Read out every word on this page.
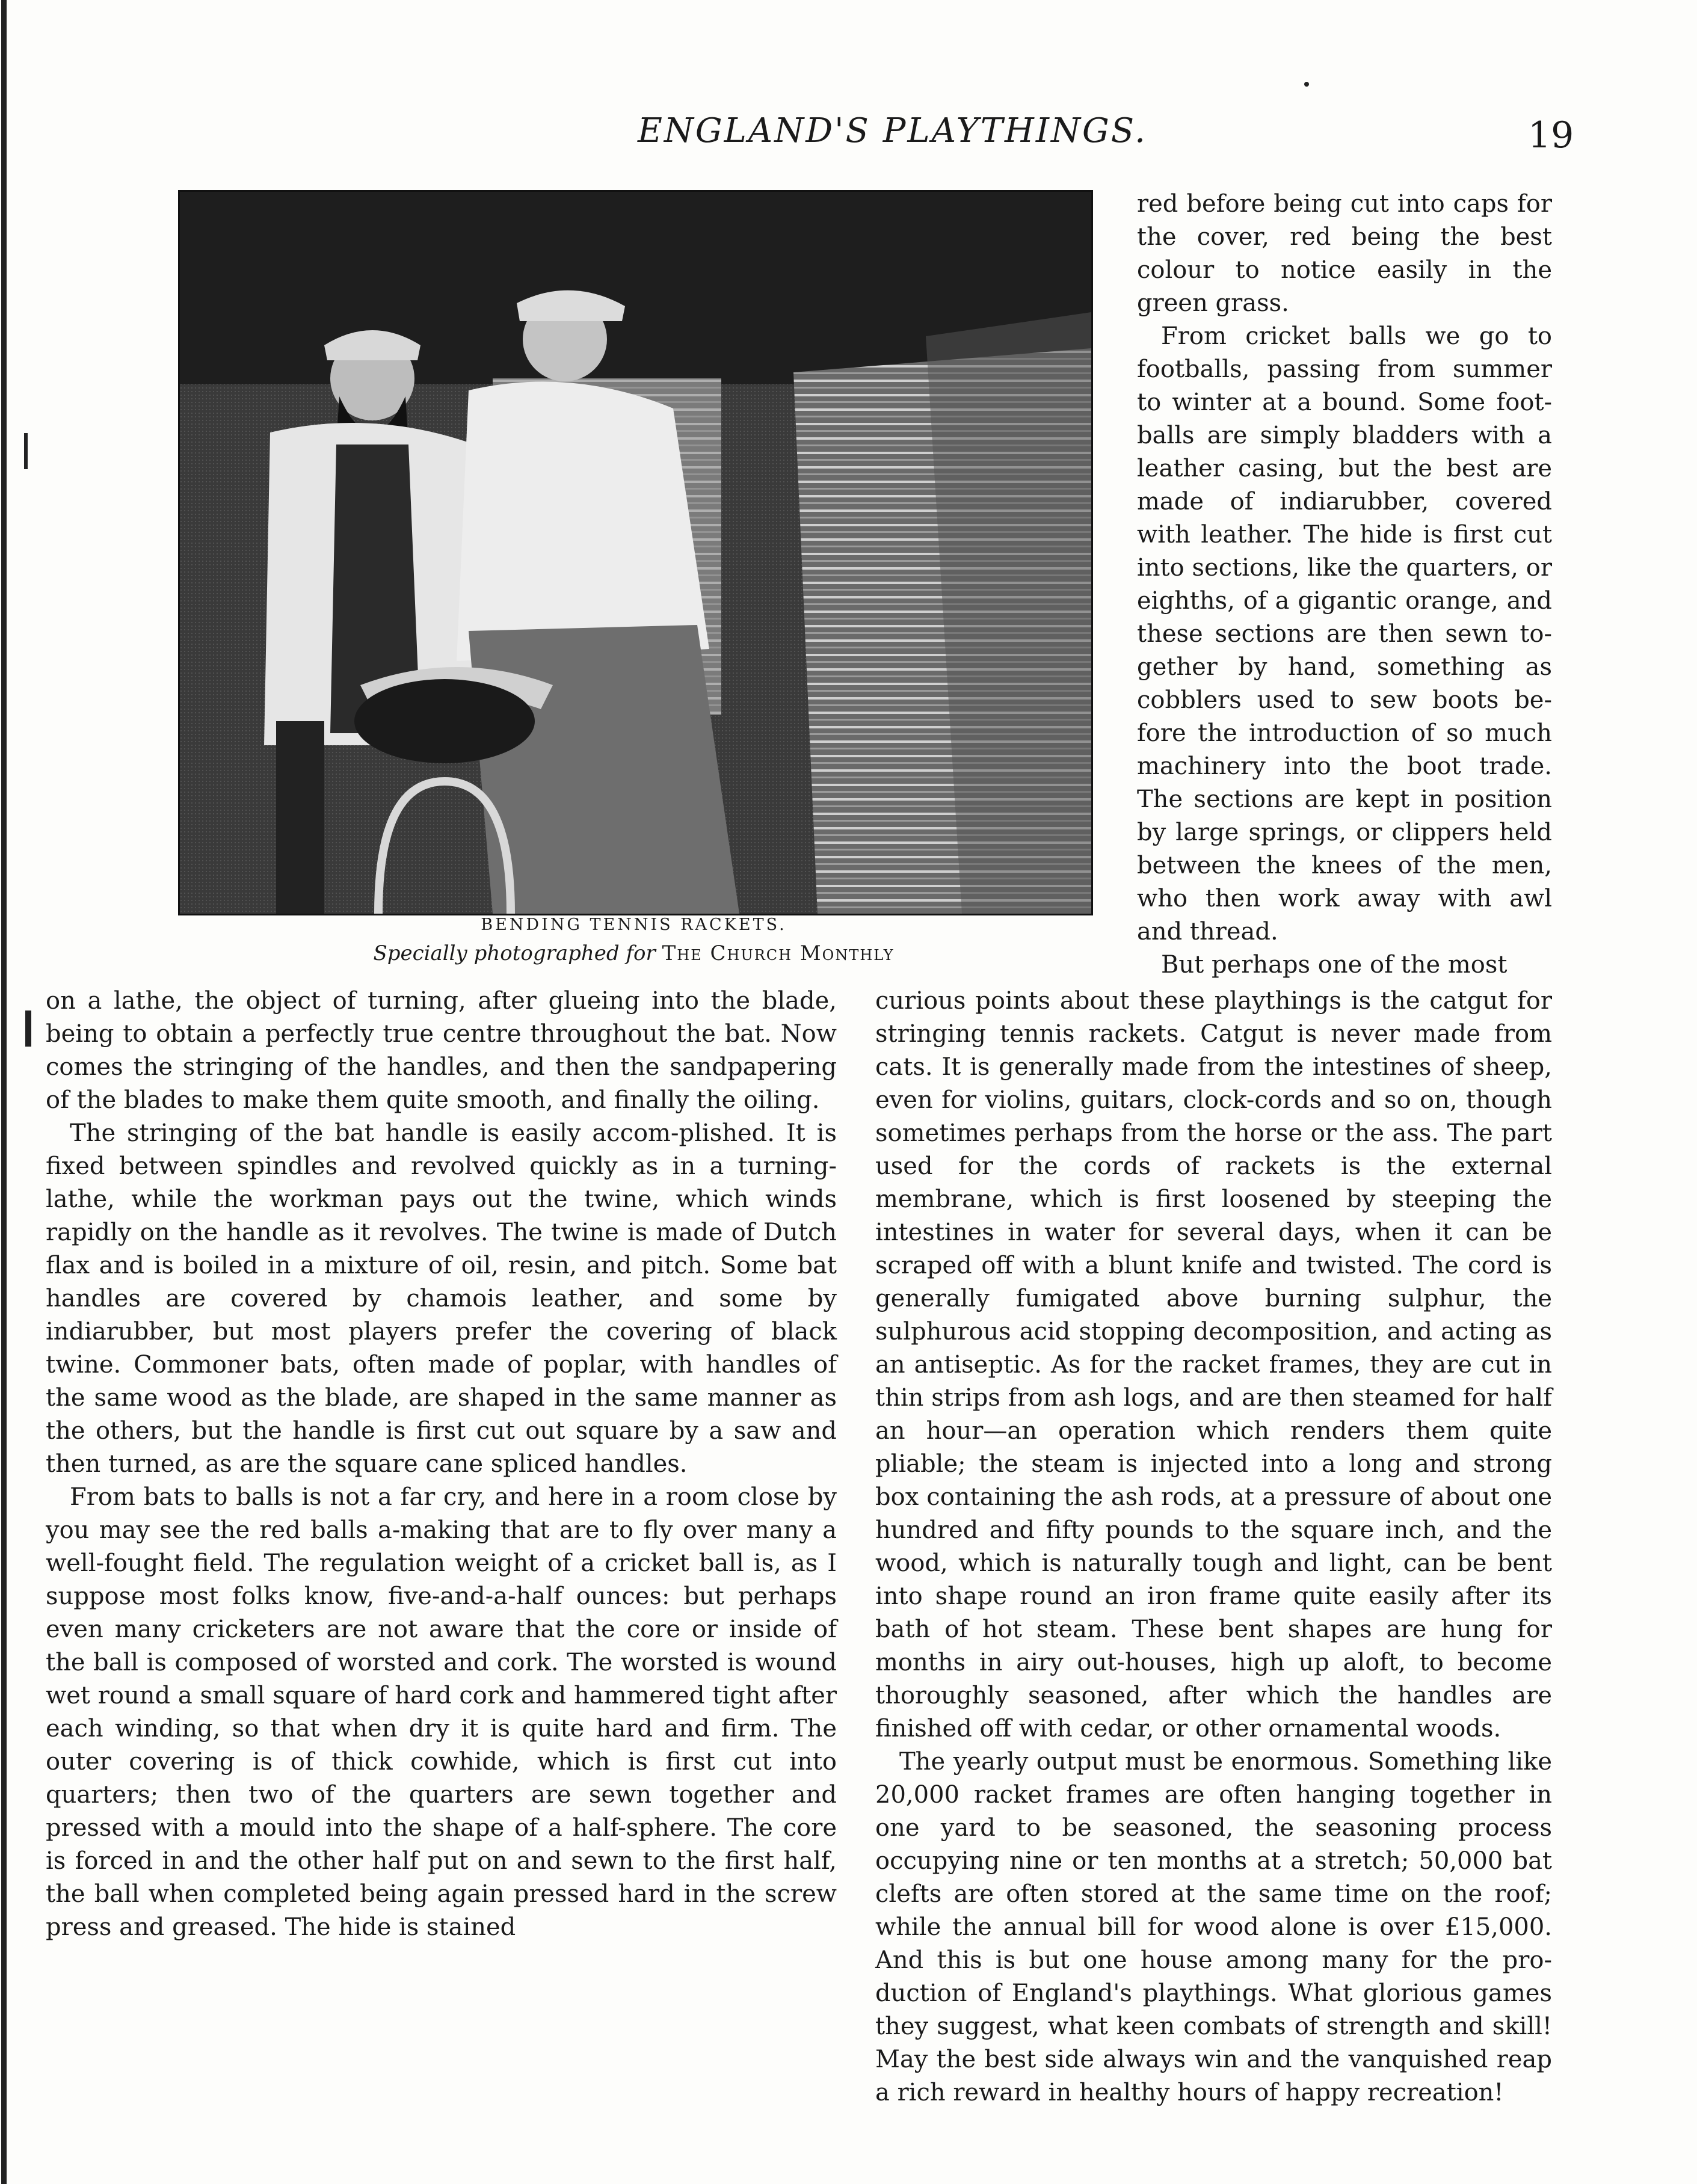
ENGLAND'S PLAYTHINGS.	19
BENDING TENNIS RACKETS.
Specially photographed for The Church Monthly

red before being cut into caps for the cover, red being the best colour to notice easily in the green grass.

From cricket balls we go to footballs, passing from summer to winter at a bound. Some foot-balls are simply bladders with a leather casing, but the best are made of indiarubber, covered with leather. The hide is first cut into sections, like the quarters, or eighths, of a gigantic orange, and these sections are then sewn to-gether by hand, something as cobblers used to sew boots be-fore the introduction of so much machinery into the boot trade. The sections are kept in position by large springs, or clippers held between the knees of the men, who then work away with awl and thread.

But perhaps one of the most

on a lathe, the object of turning, after glueing into the blade, being to obtain a perfectly true centre throughout the bat. Now comes the stringing of the handles, and then the sandpapering of the blades to make them quite smooth, and finally the oiling.

The stringing of the bat handle is easily accom-plished. It is fixed between spindles and revolved quickly as in a turning-lathe, while the workman pays out the twine, which winds rapidly on the handle as it revolves. The twine is made of Dutch flax and is boiled in a mixture of oil, resin, and pitch. Some bat handles are covered by chamois leather, and some by indiarubber, but most players prefer the covering of black twine. Commoner bats, often made of poplar, with handles of the same wood as the blade, are shaped in the same manner as the others, but the handle is first cut out square by a saw and then turned, as are the square cane spliced handles.

From bats to balls is not a far cry, and here in a room close by you may see the red balls a-making that are to fly over many a well-fought field. The regulation weight of a cricket ball is, as I suppose most folks know, five-and-a-half ounces: but perhaps even many cricketers are not aware that the core or inside of the ball is composed of worsted and cork. The worsted is wound wet round a small square of hard cork and hammered tight after each winding, so that when dry it is quite hard and firm. The outer covering is of thick cowhide, which is first cut into quarters; then two of the quarters are sewn together and pressed with a mould into the shape of a half-sphere. The core is forced in and the other half put on and sewn to the first half, the ball when completed being again pressed hard in the screw press and greased. The hide is stained

curious points about these playthings is the catgut for stringing tennis rackets. Catgut is never made from cats. It is generally made from the intestines of sheep, even for violins, guitars, clock-cords and so on, though sometimes perhaps from the horse or the ass. The part used for the cords of rackets is the external membrane, which is first loosened by steeping the intestines in water for several days, when it can be scraped off with a blunt knife and twisted. The cord is generally fumigated above burning sulphur, the sulphurous acid stopping decomposition, and acting as an antiseptic. As for the racket frames, they are cut in thin strips from ash logs, and are then steamed for half an hour—an operation which renders them quite pliable; the steam is injected into a long and strong box containing the ash rods, at a pressure of about one hundred and fifty pounds to the square inch, and the wood, which is naturally tough and light, can be bent into shape round an iron frame quite easily after its bath of hot steam. These bent shapes are hung for months in airy out-houses, high up aloft, to become thoroughly seasoned, after which the handles are finished off with cedar, or other ornamental woods.

The yearly output must be enormous. Something like 20,000 racket frames are often hanging together in one yard to be seasoned, the seasoning process occupying nine or ten months at a stretch; 50,000 bat clefts are often stored at the same time on the roof; while the annual bill for wood alone is over £15,000. And this is but one house among many for the pro-duction of England's playthings. What glorious games they suggest, what keen combats of strength and skill! May the best side always win and the vanquished reap a rich reward in healthy hours of happy recreation!
